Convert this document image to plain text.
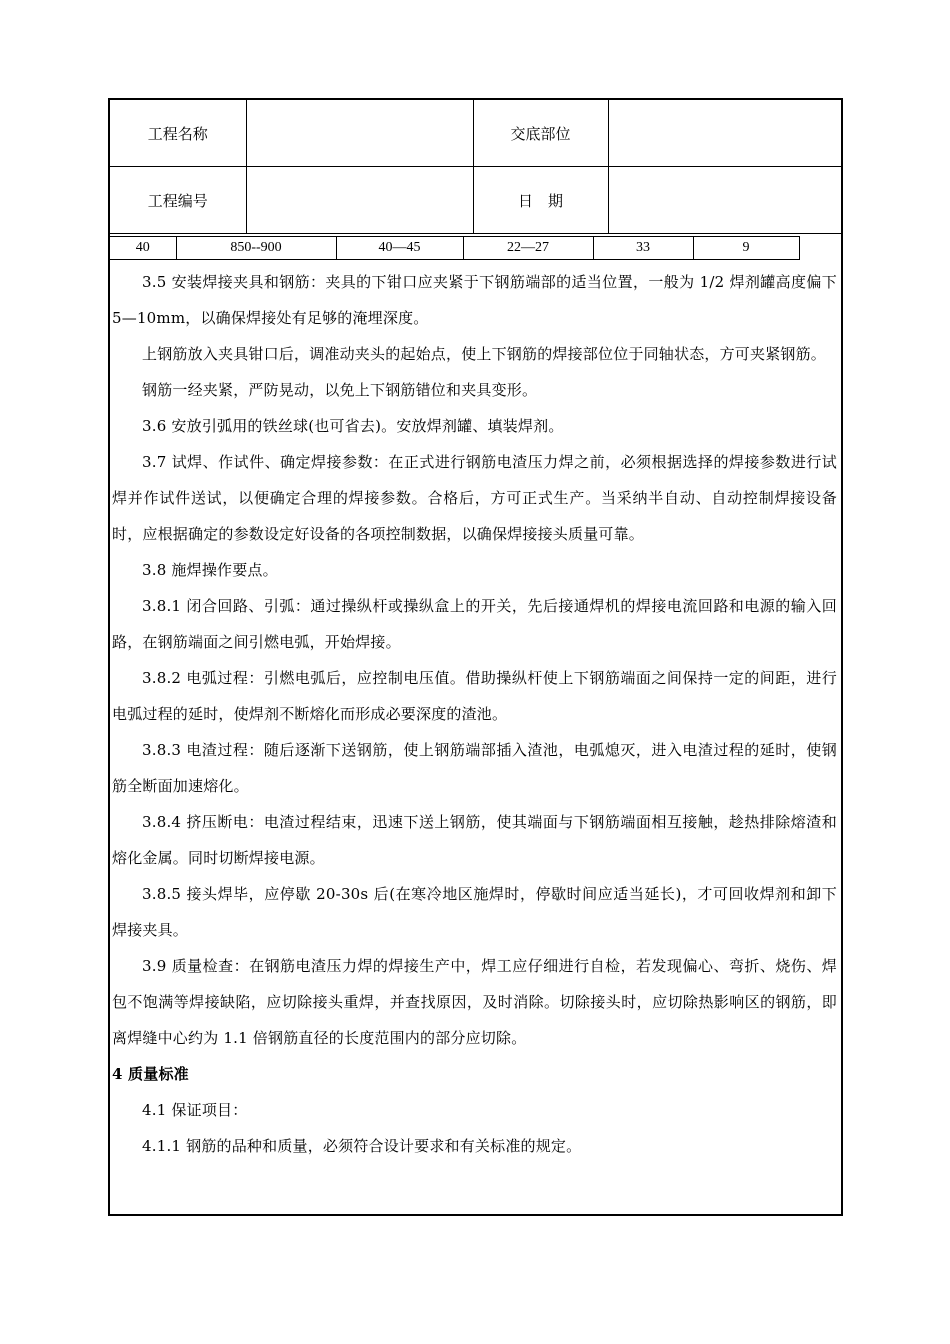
工程名称		交底部位	
工程编号		日　期	
40	850--900	40—45	22—27	33	9

3.5 安装焊接夹具和钢筋：夹具的下钳口应夹紧于下钢筋端部的适当位置，一般为 1/2 焊剂罐高度偏下 5—10mm，以确保焊接处有足够的淹埋深度。

上钢筋放入夹具钳口后，调准动夹头的起始点，使上下钢筋的焊接部位位于同轴状态，方可夹紧钢筋。

钢筋一经夹紧，严防晃动，以免上下钢筋错位和夹具变形。

3.6 安放引弧用的铁丝球(也可省去)。安放焊剂罐、填装焊剂。

3.7 试焊、作试件、确定焊接参数：在正式进行钢筋电渣压力焊之前，必须根据选择的焊接参数进行试焊并作试件送试，以便确定合理的焊接参数。合格后，方可正式生产。当采纳半自动、自动控制焊接设备时，应根据确定的参数设定好设备的各项控制数据，以确保焊接接头质量可靠。

3.8 施焊操作要点。

3.8.1 闭合回路、引弧：通过操纵杆或操纵盒上的开关，先后接通焊机的焊接电流回路和电源的输入回路，在钢筋端面之间引燃电弧，开始焊接。

3.8.2 电弧过程：引燃电弧后，应控制电压值。借助操纵杆使上下钢筋端面之间保持一定的间距，进行电弧过程的延时，使焊剂不断熔化而形成必要深度的渣池。

3.8.3 电渣过程：随后逐渐下送钢筋，使上钢筋端部插入渣池，电弧熄灭，进入电渣过程的延时，使钢筋全断面加速熔化。

3.8.4 挤压断电：电渣过程结束，迅速下送上钢筋，使其端面与下钢筋端面相互接触，趁热排除熔渣和熔化金属。同时切断焊接电源。

3.8.5 接头焊毕，应停歇 20-30s 后(在寒冷地区施焊时，停歇时间应适当延长)，才可回收焊剂和卸下焊接夹具。

3.9 质量检查：在钢筋电渣压力焊的焊接生产中，焊工应仔细进行自检，若发现偏心、弯折、烧伤、焊包不饱满等焊接缺陷，应切除接头重焊，并查找原因，及时消除。切除接头时，应切除热影响区的钢筋，即离焊缝中心约为 1.1 倍钢筋直径的长度范围内的部分应切除。

4 质量标准

4.1 保证项目：

4.1.1 钢筋的品种和质量，必须符合设计要求和有关标准的规定。
